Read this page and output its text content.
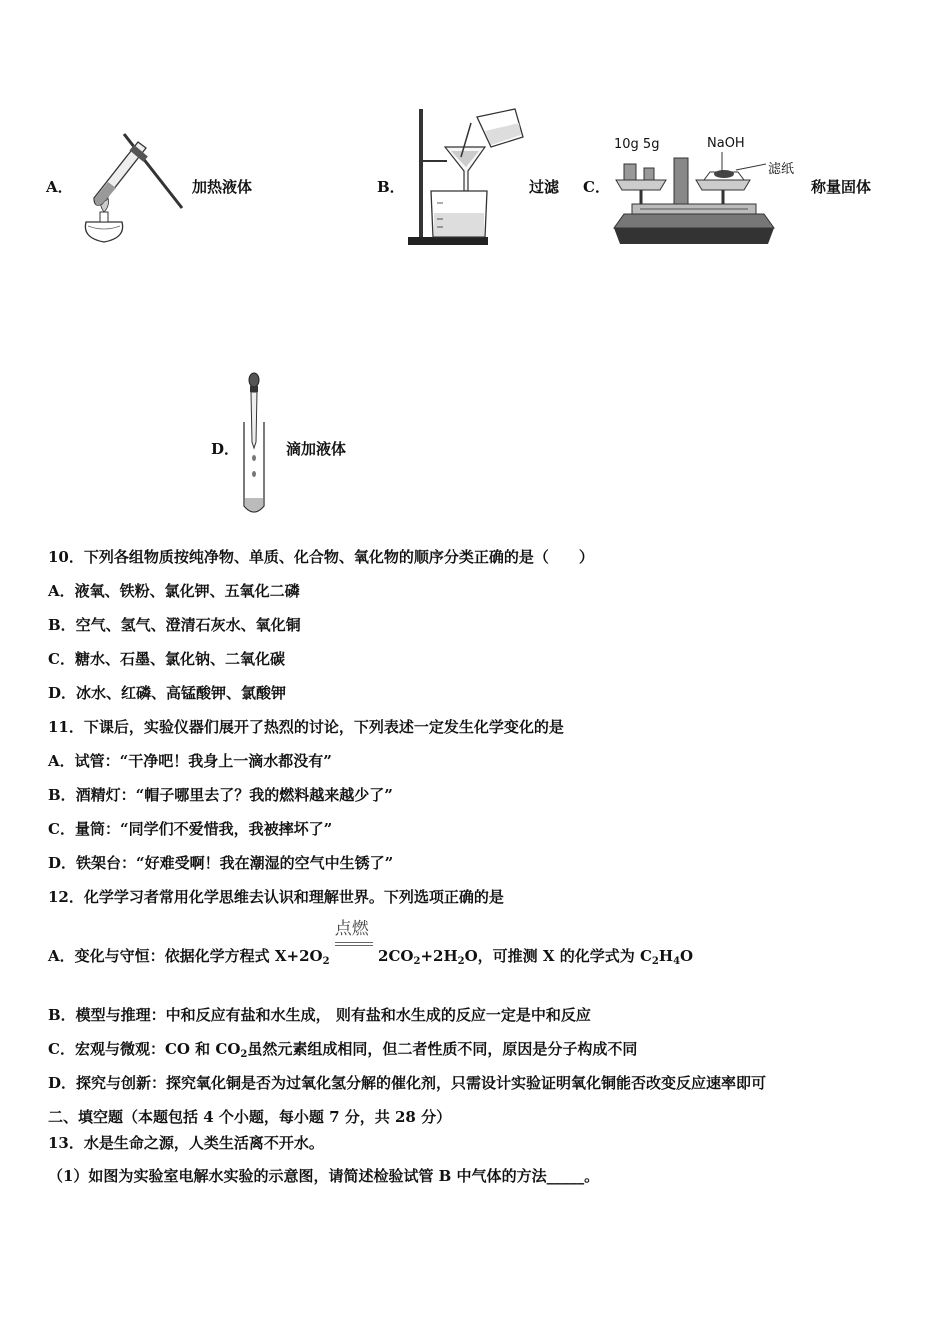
A．	加热液体	B．	过滤 C．
10g 5g	NaOH
滤纸
称量固体
D．	滴加液体
10．下列各组物质按纯净物、单质、化合物、氧化物的顺序分类正确的是（　　）
A．液氧、铁粉、氯化钾、五氧化二磷
B．空气、氢气、澄清石灰水、氧化铜
C．糖水、石墨、氯化钠、二氧化碳
D．冰水、红磷、高锰酸钾、氯酸钾
11．下课后，实验仪器们展开了热烈的讨论，下列表述一定发生化学变化的是
A．试管：“干净吧！我身上一滴水都没有”
B．酒精灯：“帽子哪里去了？我的燃料越来越少了”
C．量筒：“同学们不爱惜我，我被摔坏了”
D．铁架台：“好难受啊！我在潮湿的空气中生锈了”
12．化学学习者常用化学思维去认识和理解世界。下列选项正确的是
A．变化与守恒：依据化学方程式 $X+2O_2$
点燃
$2CO_2+2H_2O$，可推测 X 的化学式为 $C_2H_4O$
B．模型与推理：中和反应有盐和水生成， 则有盐和水生成的反应一定是中和反应
C．宏观与微观：CO 和 $CO_2$虽然元素组成相同，但二者性质不同，原因是分子构成不同
D．探究与创新：探究氧化铜是否为过氧化氢分解的催化剂，只需设计实验证明氧化铜能否改变反应速率即可
二、填空题（本题包括 4 个小题，每小题 7 分，共 28 分）
13．水是生命之源，人类生活离不开水。
（1）如图为实验室电解水实验的示意图，请简述检验试管 B 中气体的方法_____。
